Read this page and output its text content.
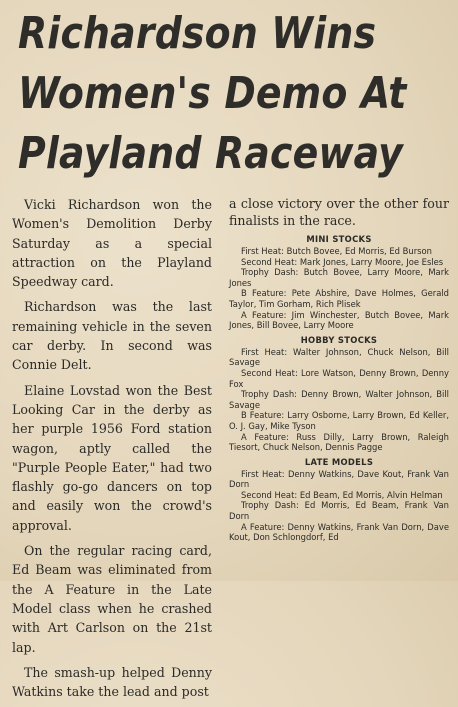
Richardson Wins
Women's Demo At
Playland Raceway

Vicki Richardson won the Women's Demolition Derby Saturday as a special attraction on the Playland Speedway card.

Richardson was the last remaining vehicle in the seven car derby. In second was Connie Delt.

Elaine Lovstad won the Best Looking Car in the derby as her purple 1956 Ford station wagon, aptly called the "Purple People Eater," had two flashly go-go dancers on top and easily won the crowd's approval.

On the regular racing card, Ed Beam was eliminated from the A Feature in the Late Model class when he crashed with Art Carlson on the 21st lap.

The smash-up helped Denny Watkins take the lead and post

a close victory over the other four finalists in the race.

MINI STOCKS

First Heat: Butch Bovee, Ed Morris, Ed Burson

Second Heat: Mark Jones, Larry Moore, Joe Esles

Trophy Dash: Butch Bovee, Larry Moore, Mark Jones

B Feature: Pete Abshire, Dave Holmes, Gerald Taylor, Tim Gorham, Rich Plisek

A Feature: Jim Winchester, Butch Bovee, Mark Jones, Bill Bovee, Larry Moore

HOBBY STOCKS

First Heat: Walter Johnson, Chuck Nelson, Bill Savage

Second Heat: Lore Watson, Denny Brown, Denny Fox

Trophy Dash: Denny Brown, Walter Johnson, Bill Savage

B Feature: Larry Osborne, Larry Brown, Ed Keller, O. J. Gay, Mike Tyson

A Feature: Russ Dilly, Larry Brown, Raleigh Tiesort, Chuck Nelson, Dennis Pagge

LATE MODELS

First Heat: Denny Watkins, Dave Kout, Frank Van Dorn

Second Heat: Ed Beam, Ed Morris, Alvin Helman

Trophy Dash: Ed Morris, Ed Beam, Frank Van Dorn

A Feature: Denny Watkins, Frank Van Dorn, Dave Kout, Don Schlongdorf, Ed
